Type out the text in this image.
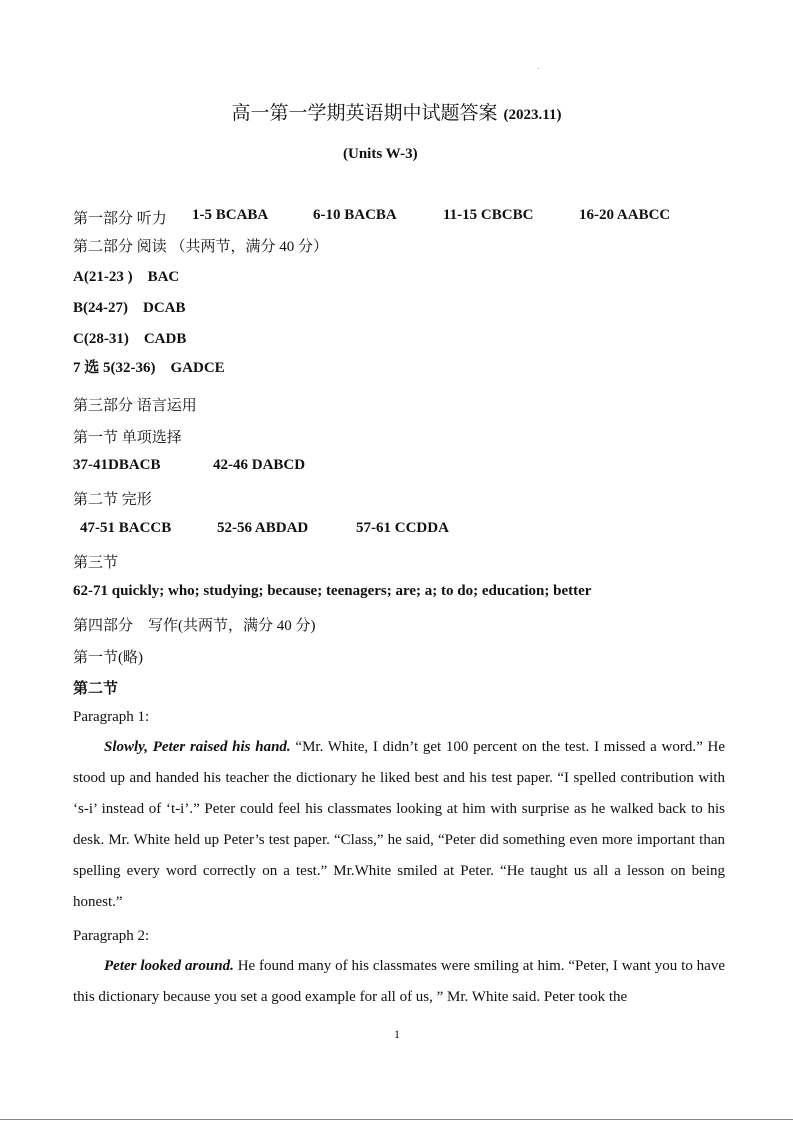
高一第一学期英语期中试题答案 (2023.11)
(Units W-3)
第一部分 听力 1-5 BCABA	6-10 BACBA	11-15 CBCBC	16-20 AABCC
第二部分 阅读 （共两节，满分 40 分）
A(21-23 )    BAC
B(24-27)    DCAB
C(28-31)    CADB
7 选 5(32-36)    GADCE
第三部分 语言运用
第一节 单项选择
37-41DBACB	42-46 DABCD
第二节 完形
47-51 BACCB	52-56 ABDAD	57-61 CCDDA
第三节
62-71 quickly; who; studying; because; teenagers; are; a; to do; education; better
第四部分    写作(共两节，满分 40 分)
第一节(略)
第二节
Paragraph 1:
Slowly, Peter raised his hand. “Mr. White, I didn’t get 100 percent on the test. I missed a word.” He stood up and handed his teacher the dictionary he liked best and his test paper. “I spelled contribution with ‘s-i’ instead of ‘t-i’.” Peter could feel his classmates looking at him with surprise as he walked back to his desk. Mr. White held up Peter’s test paper. “Class,” he said, “Peter did something even more important than spelling every word correctly on a test.” Mr.White smiled at Peter. “He taught us all a lesson on being honest.”
Paragraph 2:
Peter looked around. He found many of his classmates were smiling at him. “Peter, I want you to have this dictionary because you set a good example for all of us, ” Mr. White said. Peter took the
1
